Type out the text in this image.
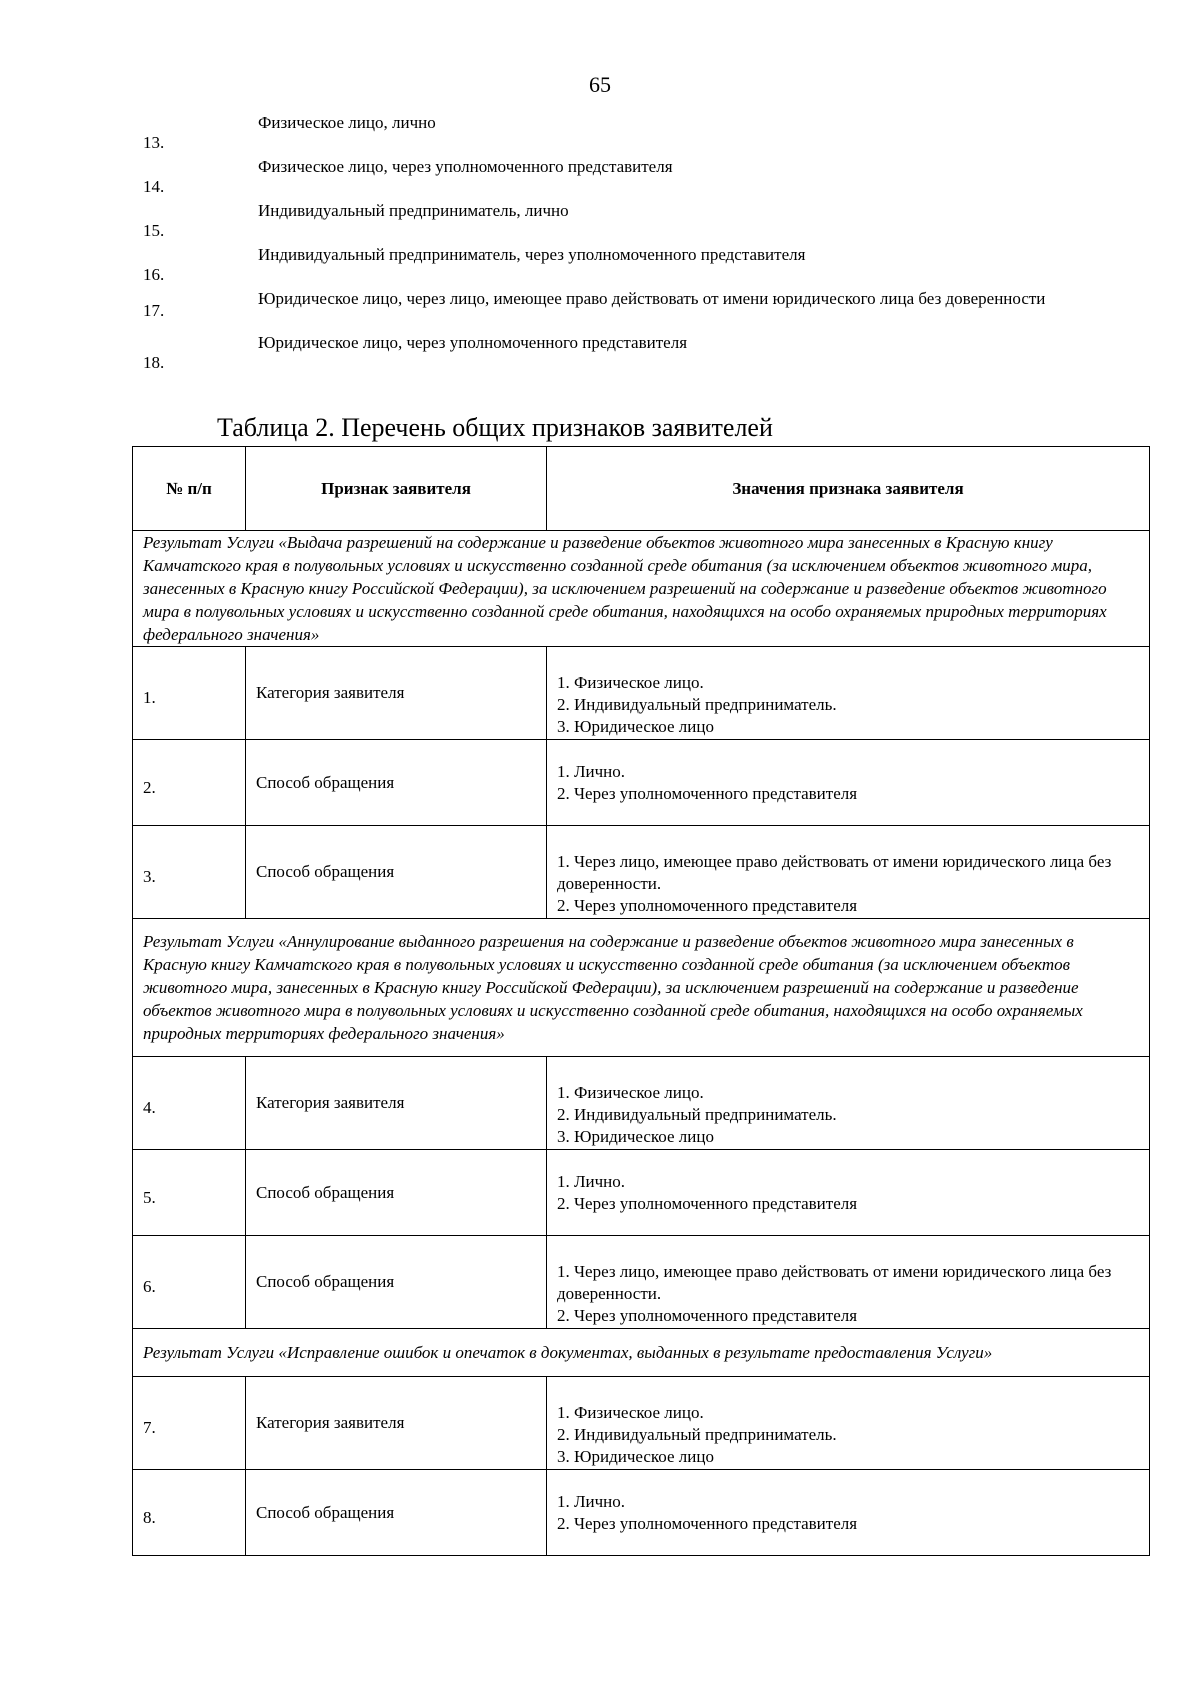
65
13.
Физическое лицо, лично
14.
Физическое лицо, через уполномоченного представителя
15.
Индивидуальный предприниматель, лично
16.
Индивидуальный предприниматель, через уполномоченного представителя
17.
Юридическое лицо, через лицо, имеющее право действовать от имени юридического лица без доверенности
18.
Юридическое лицо, через уполномоченного представителя
Таблица 2. Перечень общих признаков заявителей
№ п/п	Признак заявителя	Значения признака заявителя
Результат Услуги «Выдача разрешений на содержание и разведение объектов животного мира занесенных в Красную книгу Камчатского края в полувольных условиях и искусственно созданной среде обитания (за исключением объектов животного мира, занесенных в Красную книгу Российской Федерации), за исключением разрешений на содержание и разведение объектов животного мира в полувольных условиях и искусственно созданной среде обитания, находящихся на особо охраняемых природных территориях федерального значения»		

1.	Категория заявителя	1. Физическое лицо.
2. Индивидуальный предприниматель.
3. Юридическое лицо

2.	Способ обращения	1. Лично.
2. Через уполномоченного представителя

3.	Способ обращения	1. Через лицо, имеющее право действовать от имени юридического лица без доверенности.
2. Через уполномоченного представителя

Результат Услуги «Аннулирование выданного разрешения на содержание и разведение объектов животного мира занесенных в Красную книгу Камчатского края в полувольных условиях и искусственно созданной среде обитания (за исключением объектов животного мира, занесенных в Красную книгу Российской Федерации), за исключением разрешений на содержание и разведение объектов животного мира в полувольных условиях и искусственно созданной среде обитания, находящихся на особо охраняемых природных территориях федерального значения»		

4.	Категория заявителя	1. Физическое лицо.
2. Индивидуальный предприниматель.
3. Юридическое лицо

5.	Способ обращения	1. Лично.
2. Через уполномоченного представителя

6.	Способ обращения	1. Через лицо, имеющее право действовать от имени юридического лица без доверенности.
2. Через уполномоченного представителя

Результат Услуги «Исправление ошибок и опечаток в документах, выданных в результате предоставления Услуги»		

7.	Категория заявителя	1. Физическое лицо.
2. Индивидуальный предприниматель.
3. Юридическое лицо

8.	Способ обращения	1. Лично.
2. Через уполномоченного представителя
